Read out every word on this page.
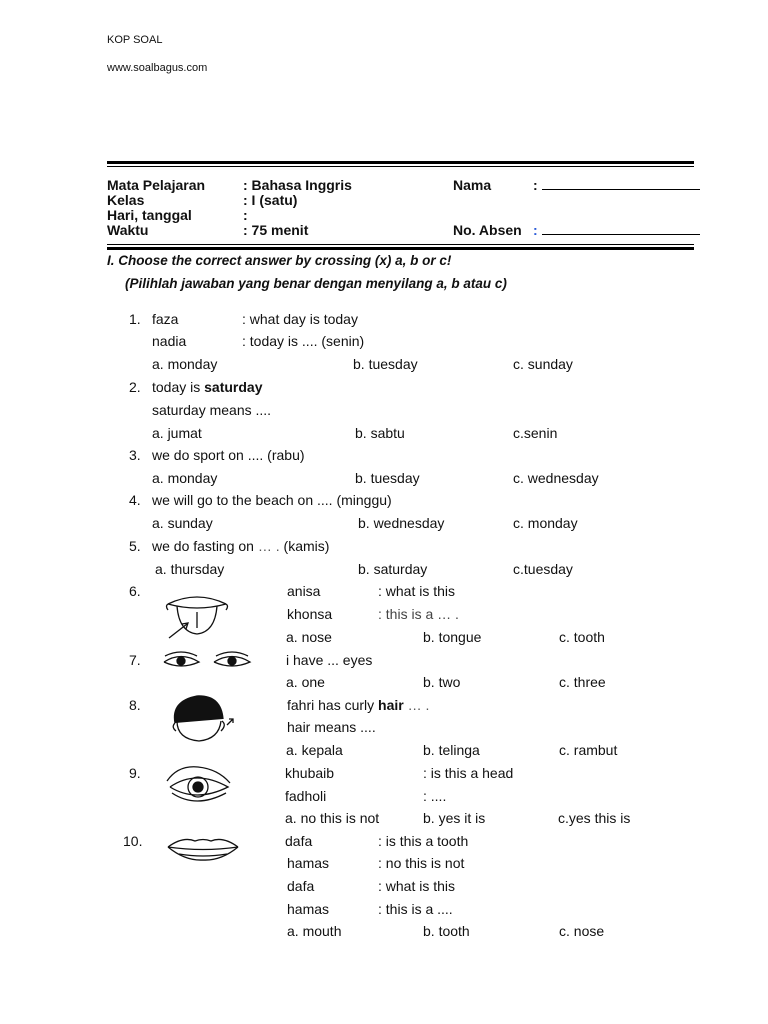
KOP SOAL
www.soalbagus.com
Mata Pelajaran	: Bahasa Inggris
Kelas	: I (satu)
Hari, tanggal	:
Waktu	: 75 menit
Nama	:
No. Absen :
I. Choose the correct answer by crossing (x) a, b or c!
(Pilihlah jawaban yang benar dengan menyilang a, b atau c)
1. faza	: what day is today
nadia	: today is .... (senin)
a. monday	b. tuesday	c. sunday
2. today is saturday
saturday means ....
a. jumat	b. sabtu	c.senin
3. we do sport on .... (rabu)
a. monday	b. tuesday	c. wednesday
4. we will go to the beach on .... (minggu)
a. sunday	b. wednesday	c. monday
5. we do fasting on … . (kamis)
a. thursday	b. saturday	c.tuesday
6.	anisa	: what is this
khonsa	: this is a … .
a. nose	b. tongue	c. tooth
7.	i have ... eyes
a. one	b. two	c. three
8.	fahri has curly hair … .
hair means ....
a. kepala	b. telinga	c. rambut
9.	khubaib	: is this a head
fadholi	: ....
a. no this is not	b. yes it is	c.yes this is
10.	dafa	: is this a tooth
hamas	: no this is not
dafa	: what is this
hamas	: this is a ....
a. mouth	b. tooth	c. nose
